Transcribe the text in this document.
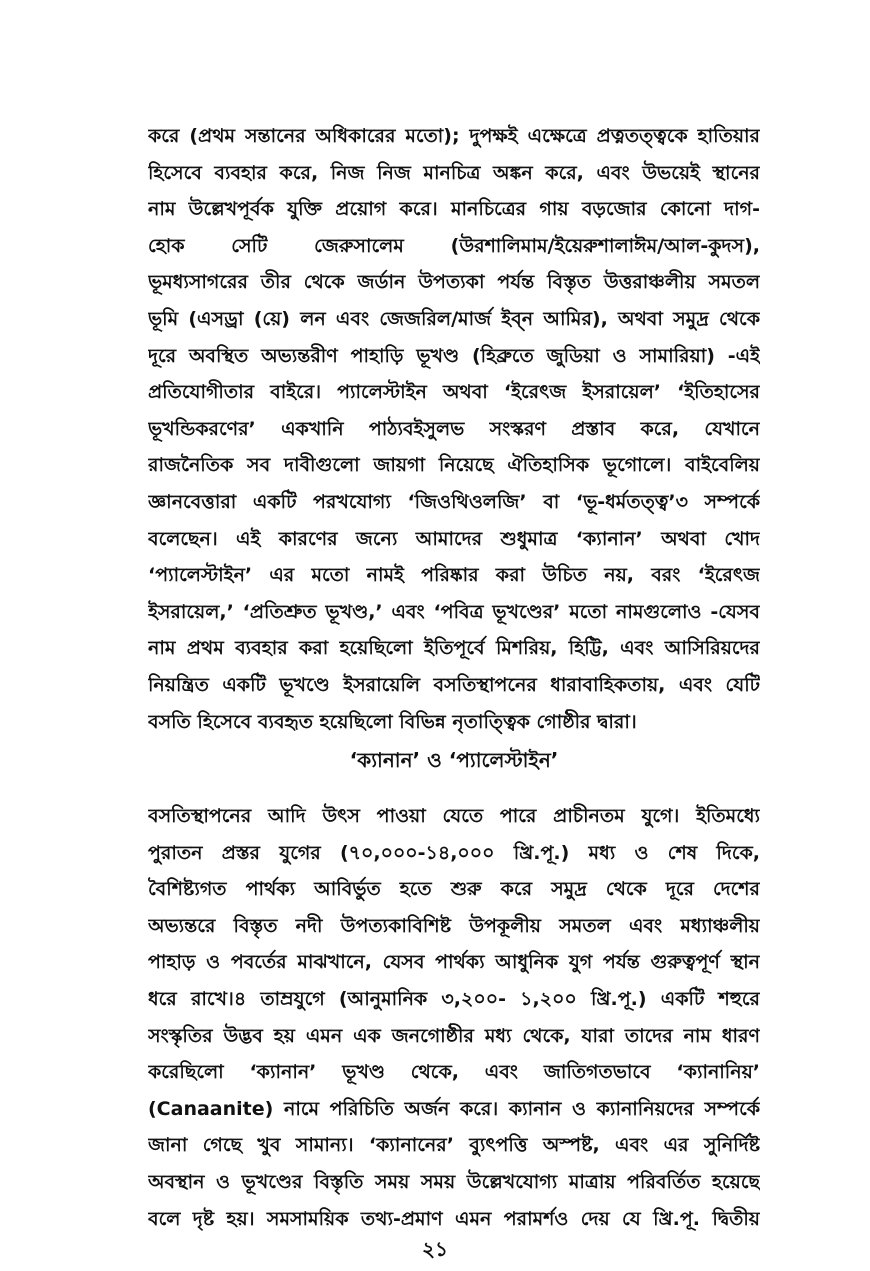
করে (প্রথম সন্তানের অধিকারের মতো); দুপক্ষই এক্ষেত্রে প্রত্নতত্ত্বকে হাতিয়ার
হিসেবে ব্যবহার করে, নিজ নিজ মানচিত্র অঙ্কন করে, এবং উভয়েই স্থানের
নাম উল্লেখপূর্বক যুক্তি প্রয়োগ করে। মানচিত্রের গায় বড়জোর কোনো দাগ-
হোক সেটি জেরুসালেম (উরশালিমাম/ইয়েরুশালাঈম/আল-কুদস),
ভূমধ্যসাগরের তীর থেকে জর্ডান উপত্যকা পর্যন্ত বিস্তৃত উত্তরাঞ্চলীয় সমতল
ভূমি (এসড্রা (য়ে) লন এবং জেজরিল/মার্জ ইব্‌ন আমির), অথবা সমুদ্র থেকে
দূরে অবস্থিত অভ্যন্তরীণ পাহাড়ি ভূখণ্ড (হিব্রুতে জুডিয়া ও সামারিয়া) -এই
প্রতিযোগীতার বাইরে। প্যালেস্টাইন অথবা ‘ইরেৎজ ইসরায়েল’ ‘ইতিহাসের
ভূখন্ডিকরণের’ একখানি পাঠ্যবইসুলভ সংস্করণ প্রস্তাব করে, যেখানে
রাজনৈতিক সব দাবীগুলো জায়গা নিয়েছে ঐতিহাসিক ভূগোলে। বাইবেলিয়
জ্ঞানবেত্তারা একটি পরখযোগ্য ‘জিওথিওলজি’ বা ‘ভূ-ধর্মতত্ত্ব’৩ সম্পর্কে
বলেছেন। এই কারণের জন্যে আমাদের শুধুমাত্র ‘ক্যানান’ অথবা খোদ
‘প্যালেস্টাইন’ এর মতো নামই পরিষ্কার করা উচিত নয়, বরং ‘ইরেৎজ
ইসরায়েল,’ ‘প্রতিশ্রুত ভূখণ্ড,’ এবং ‘পবিত্র ভূখণ্ডের’ মতো নামগুলোও -যেসব
নাম প্রথম ব্যবহার করা হয়েছিলো ইতিপূর্বে মিশরিয়, হিট্টি, এবং আসিরিয়দের
নিয়ন্ত্রিত একটি ভূখণ্ডে ইসরায়েলি বসতিস্থাপনের ধারাবাহিকতায়, এবং যেটি
বসতি হিসেবে ব্যবহৃত হয়েছিলো বিভিন্ন নৃতাত্ত্বিক গোষ্ঠীর দ্বারা।
‘ক্যানান’ ও ‘প্যালেস্টাইন’
বসতিস্থাপনের আদি উৎস পাওয়া যেতে পারে প্রাচীনতম যুগে। ইতিমধ্যে
পুরাতন প্রস্তর যুগের (৭০,০০০-১৪,০০০ খ্রি.পূ.) মধ্য ও শেষ দিকে,
বৈশিষ্ট্যগত পার্থক্য আবির্ভুত হতে শুরু করে সমুদ্র থেকে দূরে দেশের
অভ্যন্তরে বিস্তৃত নদী উপত্যকাবিশিষ্ট উপকূলীয় সমতল এবং মধ্যাঞ্চলীয়
পাহাড় ও পবর্তের মাঝখানে, যেসব পার্থক্য আধুনিক যুগ পর্যন্ত গুরুত্বপূর্ণ স্থান
ধরে রাখে।৪ তাম্রযুগে (আনুমানিক ৩,২০০- ১,২০০ খ্রি.পূ.) একটি শহুরে
সংস্কৃতির উদ্ভব হয় এমন এক জনগোষ্ঠীর মধ্য থেকে, যারা তাদের নাম ধারণ
করেছিলো ‘ক্যানান’ ভূখণ্ড থেকে, এবং জাতিগতভাবে ‘ক্যানানিয়’
(Canaanite) নামে পরিচিতি অর্জন করে। ক্যানান ও ক্যানানিয়দের সম্পর্কে
জানা গেছে খুব সামান্য। ‘ক্যানানের’ ব্যুৎপত্তি অস্পষ্ট, এবং এর সুনির্দিষ্ট
অবস্থান ও ভূখণ্ডের বিস্তৃতি সময় সময় উল্লেখযোগ্য মাত্রায় পরিবর্তিত হয়েছে
বলে দৃষ্ট হয়। সমসাময়িক তথ্য-প্রমাণ এমন পরামর্শও দেয় যে খ্রি.পূ. দ্বিতীয়
২১
